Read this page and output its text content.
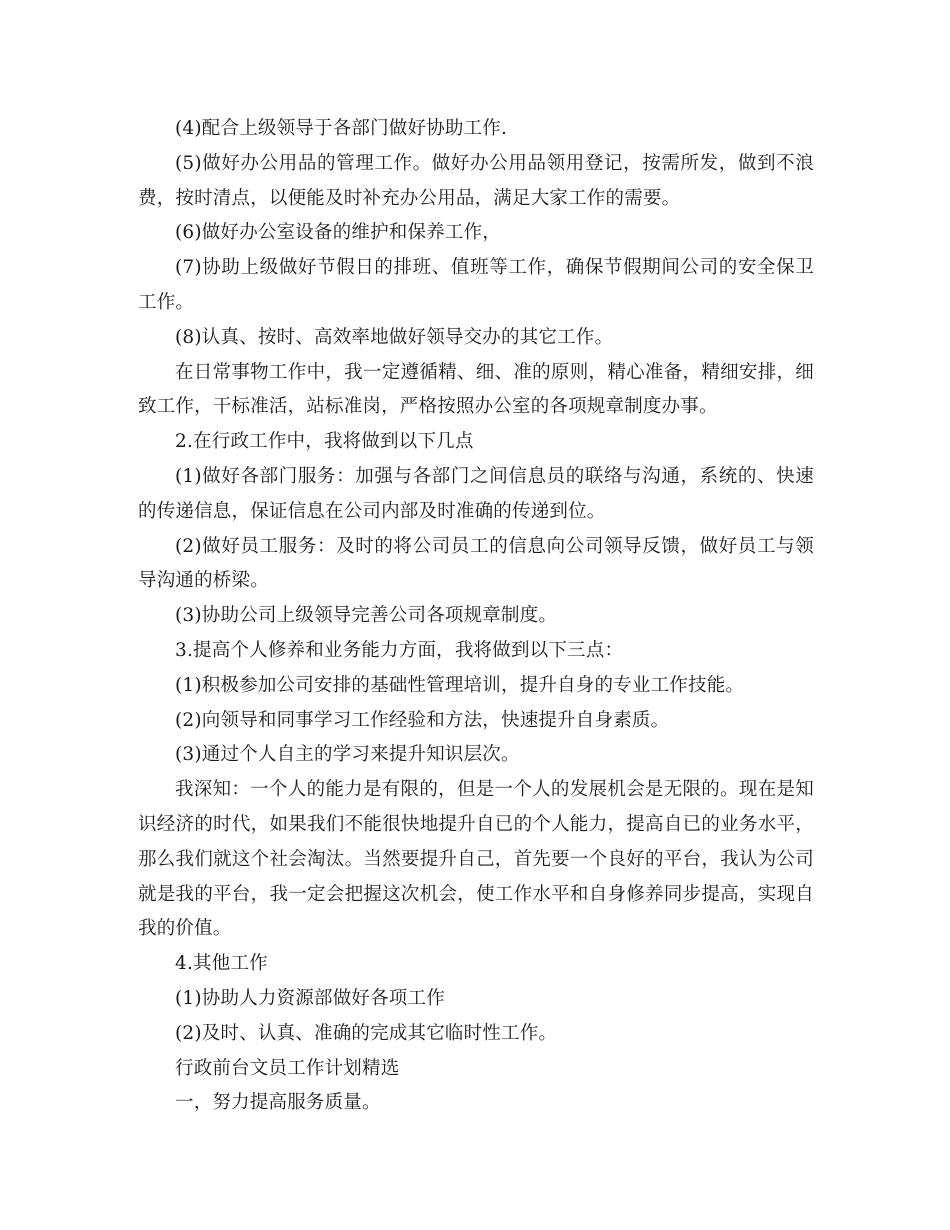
(4)配合上级领导于各部门做好协助工作.

(5)做好办公用品的管理工作。做好办公用品领用登记，按需所发，做到不浪费，按时清点，以便能及时补充办公用品，满足大家工作的需要。

(6)做好办公室设备的维护和保养工作，

(7)协助上级做好节假日的排班、值班等工作，确保节假期间公司的安全保卫工作。

(8)认真、按时、高效率地做好领导交办的其它工作。

在日常事物工作中，我一定遵循精、细、准的原则，精心准备，精细安排，细致工作，干标准活，站标准岗，严格按照办公室的各项规章制度办事。

2.在行政工作中，我将做到以下几点

(1)做好各部门服务：加强与各部门之间信息员的联络与沟通，系统的、快速的传递信息，保证信息在公司内部及时准确的传递到位。

(2)做好员工服务：及时的将公司员工的信息向公司领导反馈，做好员工与领导沟通的桥梁。

(3)协助公司上级领导完善公司各项规章制度。

3.提高个人修养和业务能力方面，我将做到以下三点：

(1)积极参加公司安排的基础性管理培训，提升自身的专业工作技能。

(2)向领导和同事学习工作经验和方法，快速提升自身素质。

(3)通过个人自主的学习来提升知识层次。

我深知：一个人的能力是有限的，但是一个人的发展机会是无限的。现在是知识经济的时代，如果我们不能很快地提升自已的个人能力，提高自已的业务水平，那么我们就这个社会淘汰。当然要提升自己，首先要一个良好的平台，我认为公司就是我的平台，我一定会把握这次机会，使工作水平和自身修养同步提高，实现自我的价值。

4.其他工作

(1)协助人力资源部做好各项工作

(2)及时、认真、准确的完成其它临时性工作。

行政前台文员工作计划精选

一，努力提高服务质量。
